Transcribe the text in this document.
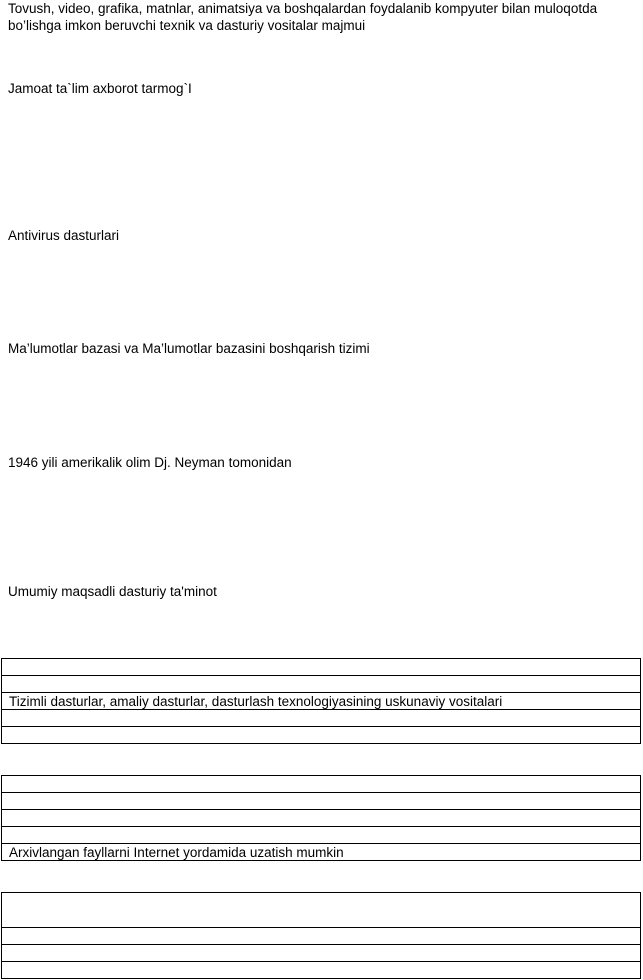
Tovush, video, grafika, matnlar, animatsiya va boshqalardan foydalanib kompyuter bilan muloqotda bo’lishga imkon beruvchi texnik va dasturiy vositalar majmui
Jamoat ta`lim axborot tarmog`I
Antivirus dasturlari
Ma’lumotlar bazasi va Ma’lumotlar bazasini boshqarish tizimi
1946 yili amerikalik olim Dj. Neyman tomonidan
Umumiy maqsadli dasturiy ta'minot

Tizimli dasturlar, amaliy dasturlar, dasturlash texnologiyasining uskunaviy vositalari

Arxivlangan fayllarni Internet yordamida uzatish mumkin
